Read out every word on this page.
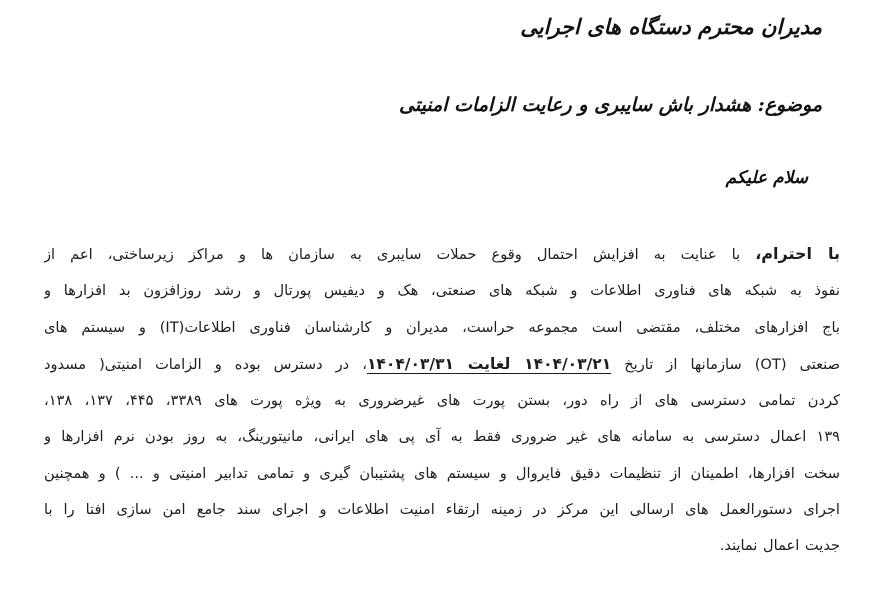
مدیران محترم دستگاه های اجرایی
موضوع: هشدار باش سایبری و رعایت الزامات امنیتی
سلام علیکم
با احترام، با عنایت به افزایش احتمال وقوع حملات سایبری به سازمان ها و مراکز زیرساختی، اعم از
نفوذ به شبکه های فناوری اطلاعات و شبکه های صنعتی، هک و دیفیس پورتال و رشد روزافزون بد افزارها و
باج افزارهای مختلف، مقتضی است مجموعه حراست، مدیران و کارشناسان فناوری اطلاعات(IT) و سیستم های
صنعتی (OT) سازمانها از تاریخ ۱۴۰۴/۰۳/۲۱ لغایت ۱۴۰۴/۰۳/۳۱، در دسترس بوده و الزامات امنیتی( مسدود
کردن تمامی دسترسی های از راه دور، بستن پورت های غیرضروری به ویژه پورت های ۳۳۸۹، ۴۴۵، ۱۳۷، ۱۳۸،
۱۳۹ اعمال دسترسی به سامانه های غیر ضروری فقط به آی پی های ایرانی، مانیتورینگ، به روز بودن نرم افزارها و
سخت افزارها، اطمینان از تنظیمات دقیق فایروال و سیستم های پشتیبان گیری و تمامی تدابیر امنیتی و ... ) و همچنین
اجرای دستورالعمل های ارسالی این مرکز در زمینه ارتقاء امنیت اطلاعات و اجرای سند جامع امن سازی افتا را با
جدیت اعمال نمایند.
